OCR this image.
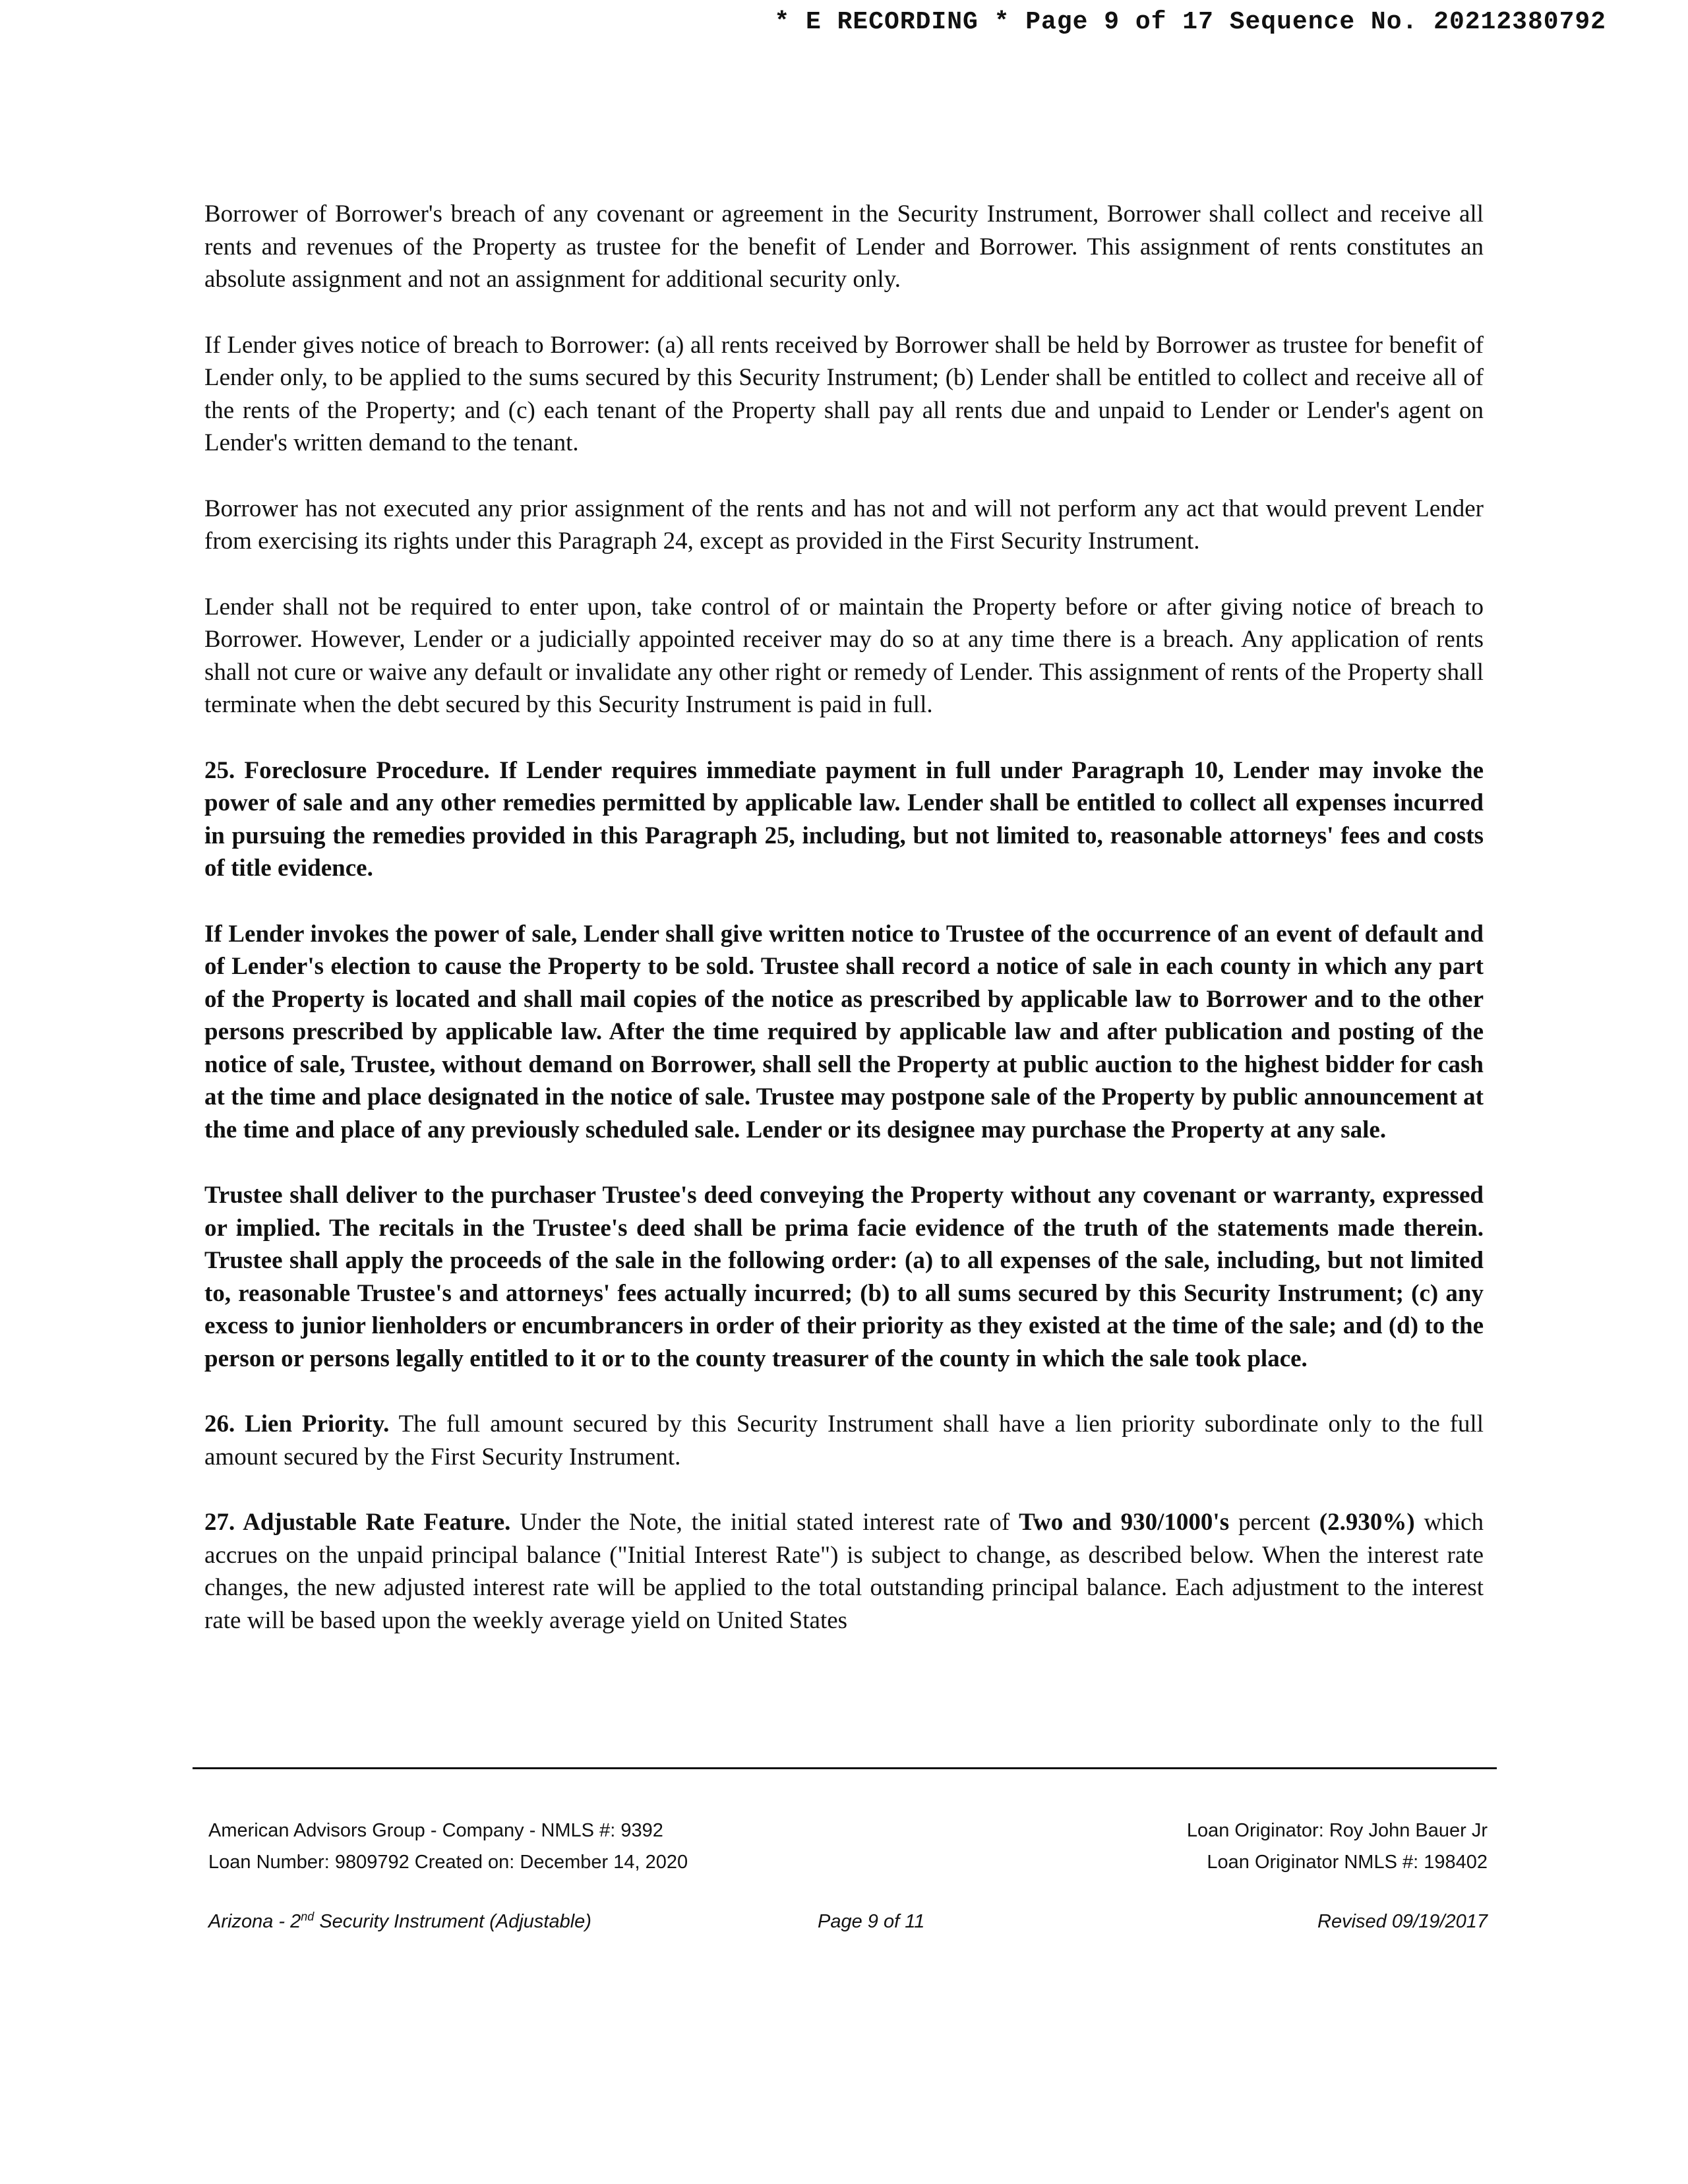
* E RECORDING * Page 9 of 17 Sequence No. 20212380792

Borrower of Borrower's breach of any covenant or agreement in the Security Instrument, Borrower shall collect and receive all rents and revenues of the Property as trustee for the benefit of Lender and Borrower. This assignment of rents constitutes an absolute assignment and not an assignment for additional security only.

If Lender gives notice of breach to Borrower: (a) all rents received by Borrower shall be held by Borrower as trustee for benefit of Lender only, to be applied to the sums secured by this Security Instrument; (b) Lender shall be entitled to collect and receive all of the rents of the Property; and (c) each tenant of the Property shall pay all rents due and unpaid to Lender or Lender's agent on Lender's written demand to the tenant.

Borrower has not executed any prior assignment of the rents and has not and will not perform any act that would prevent Lender from exercising its rights under this Paragraph 24, except as provided in the First Security Instrument.

Lender shall not be required to enter upon, take control of or maintain the Property before or after giving notice of breach to Borrower. However, Lender or a judicially appointed receiver may do so at any time there is a breach. Any application of rents shall not cure or waive any default or invalidate any other right or remedy of Lender. This assignment of rents of the Property shall terminate when the debt secured by this Security Instrument is paid in full.

25. Foreclosure Procedure. If Lender requires immediate payment in full under Paragraph 10, Lender may invoke the power of sale and any other remedies permitted by applicable law. Lender shall be entitled to collect all expenses incurred in pursuing the remedies provided in this Paragraph 25, including, but not limited to, reasonable attorneys' fees and costs of title evidence.

If Lender invokes the power of sale, Lender shall give written notice to Trustee of the occurrence of an event of default and of Lender's election to cause the Property to be sold. Trustee shall record a notice of sale in each county in which any part of the Property is located and shall mail copies of the notice as prescribed by applicable law to Borrower and to the other persons prescribed by applicable law. After the time required by applicable law and after publication and posting of the notice of sale, Trustee, without demand on Borrower, shall sell the Property at public auction to the highest bidder for cash at the time and place designated in the notice of sale. Trustee may postpone sale of the Property by public announcement at the time and place of any previously scheduled sale. Lender or its designee may purchase the Property at any sale.

Trustee shall deliver to the purchaser Trustee's deed conveying the Property without any covenant or warranty, expressed or implied. The recitals in the Trustee's deed shall be prima facie evidence of the truth of the statements made therein. Trustee shall apply the proceeds of the sale in the following order: (a) to all expenses of the sale, including, but not limited to, reasonable Trustee's and attorneys' fees actually incurred; (b) to all sums secured by this Security Instrument; (c) any excess to junior lienholders or encumbrancers in order of their priority as they existed at the time of the sale; and (d) to the person or persons legally entitled to it or to the county treasurer of the county in which the sale took place.

26. Lien Priority. The full amount secured by this Security Instrument shall have a lien priority subordinate only to the full amount secured by the First Security Instrument.

27. Adjustable Rate Feature. Under the Note, the initial stated interest rate of Two and 930/1000's percent (2.930%) which accrues on the unpaid principal balance ("Initial Interest Rate") is subject to change, as described below. When the interest rate changes, the new adjusted interest rate will be applied to the total outstanding principal balance. Each adjustment to the interest rate will be based upon the weekly average yield on United States

American Advisors Group - Company - NMLS #: 9392
Loan Number: 9809792 Created on: December 14, 2020
Loan Originator: Roy John Bauer Jr
Loan Originator NMLS #: 198402
Arizona - 2nd Security Instrument (Adjustable)	Page 9 of 11	Revised 09/19/2017
